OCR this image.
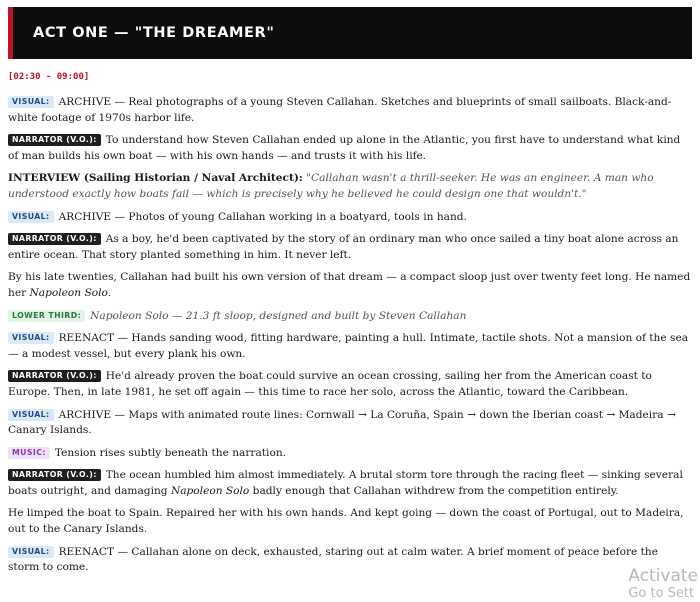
ACT ONE — "THE DREAMER"
[02:30 - 09:00]

VISUAL: ARCHIVE — Real photographs of a young Steven Callahan. Sketches and blueprints of small sailboats. Black-and-white footage of 1970s harbor life.

NARRATOR (V.O.): To understand how Steven Callahan ended up alone in the Atlantic, you first have to understand what kind of man builds his own boat — with his own hands — and trusts it with his life.

INTERVIEW (Sailing Historian / Naval Architect): "Callahan wasn't a thrill-seeker. He was an engineer. A man who understood exactly how boats fail — which is precisely why he believed he could design one that wouldn't."

VISUAL: ARCHIVE — Photos of young Callahan working in a boatyard, tools in hand.

NARRATOR (V.O.): As a boy, he'd been captivated by the story of an ordinary man who once sailed a tiny boat alone across an entire ocean. That story planted something in him. It never left.

By his late twenties, Callahan had built his own version of that dream — a compact sloop just over twenty feet long. He named her Napoleon Solo.

LOWER THIRD: Napoleon Solo — 21.3 ft sloop, designed and built by Steven Callahan

VISUAL: REENACT — Hands sanding wood, fitting hardware, painting a hull. Intimate, tactile shots. Not a mansion of the sea — a modest vessel, but every plank his own.

NARRATOR (V.O.): He'd already proven the boat could survive an ocean crossing, sailing her from the American coast to Europe. Then, in late 1981, he set off again — this time to race her solo, across the Atlantic, toward the Caribbean.

VISUAL: ARCHIVE — Maps with animated route lines: Cornwall → La Coruña, Spain → down the Iberian coast → Madeira → Canary Islands.

MUSIC: Tension rises subtly beneath the narration.

NARRATOR (V.O.): The ocean humbled him almost immediately. A brutal storm tore through the racing fleet — sinking several boats outright, and damaging Napoleon Solo badly enough that Callahan withdrew from the competition entirely.

He limped the boat to Spain. Repaired her with his own hands. And kept going — down the coast of Portugal, out to Madeira, out to the Canary Islands.

VISUAL: REENACT — Callahan alone on deck, exhausted, staring out at calm water. A brief moment of peace before the storm to come.	Activate
Go to Sett
